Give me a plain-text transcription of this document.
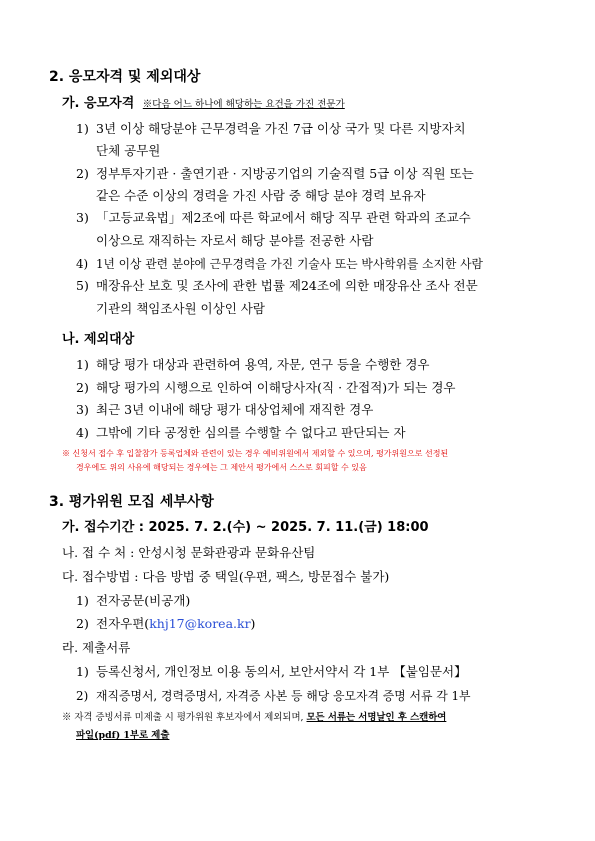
2. 응모자격 및 제외대상
가. 응모자격 ※다음 어느 하나에 해당하는 요건을 가진 전문가
1) 3년 이상 해당분야 근무경력을 가진 7급 이상 국가 및 다른 지방자치
단체 공무원
2) 정부투자기관 · 출연기관 · 지방공기업의 기술직렬 5급 이상 직원 또는
같은 수준 이상의 경력을 가진 사람 중 해당 분야 경력 보유자
3) 「고등교육법」제2조에 따른 학교에서 해당 직무 관련 학과의 조교수
이상으로 재직하는 자로서 해당 분야를 전공한 사람
4) 1년 이상 관련 분야에 근무경력을 가진 기술사 또는 박사학위를 소지한 사람
5) 매장유산 보호 및 조사에 관한 법률 제24조에 의한 매장유산 조사 전문
기관의 책임조사원 이상인 사람
나. 제외대상
1) 해당 평가 대상과 관련하여 용역, 자문, 연구 등을 수행한 경우
2) 해당 평가의 시행으로 인하여 이해당사자(직 · 간접적)가 되는 경우
3) 최근 3년 이내에 해당 평가 대상업체에 재직한 경우
4) 그밖에 기타 공정한 심의를 수행할 수 없다고 판단되는 자
※ 신청서 접수 후 입찰참가 등록업체와 관련이 있는 경우 예비위원에서 제외할 수 있으며, 평가위원으로 선정된
경우에도 위의 사유에 해당되는 경우에는 그 제안서 평가에서 스스로 회피할 수 있음
3. 평가위원 모집 세부사항
가. 접수기간 : 2025. 7. 2.(수) ~ 2025. 7. 11.(금) 18:00
나. 접 수 처 : 안성시청 문화관광과 문화유산팀
다. 접수방법 : 다음 방법 중 택일(우편, 팩스, 방문접수 불가)
1) 전자공문(비공개)
2) 전자우편(khj17@korea.kr)
라. 제출서류
1) 등록신청서, 개인정보 이용 동의서, 보안서약서 각 1부 【붙임문서】
2) 재직증명서, 경력증명서, 자격증 사본 등 해당 응모자격 증명 서류 각 1부
※ 자격 증빙서류 미제출 시 평가위원 후보자에서 제외되며, 모든 서류는 서명날인 후 스캔하여
파일(pdf) 1부로 제출
